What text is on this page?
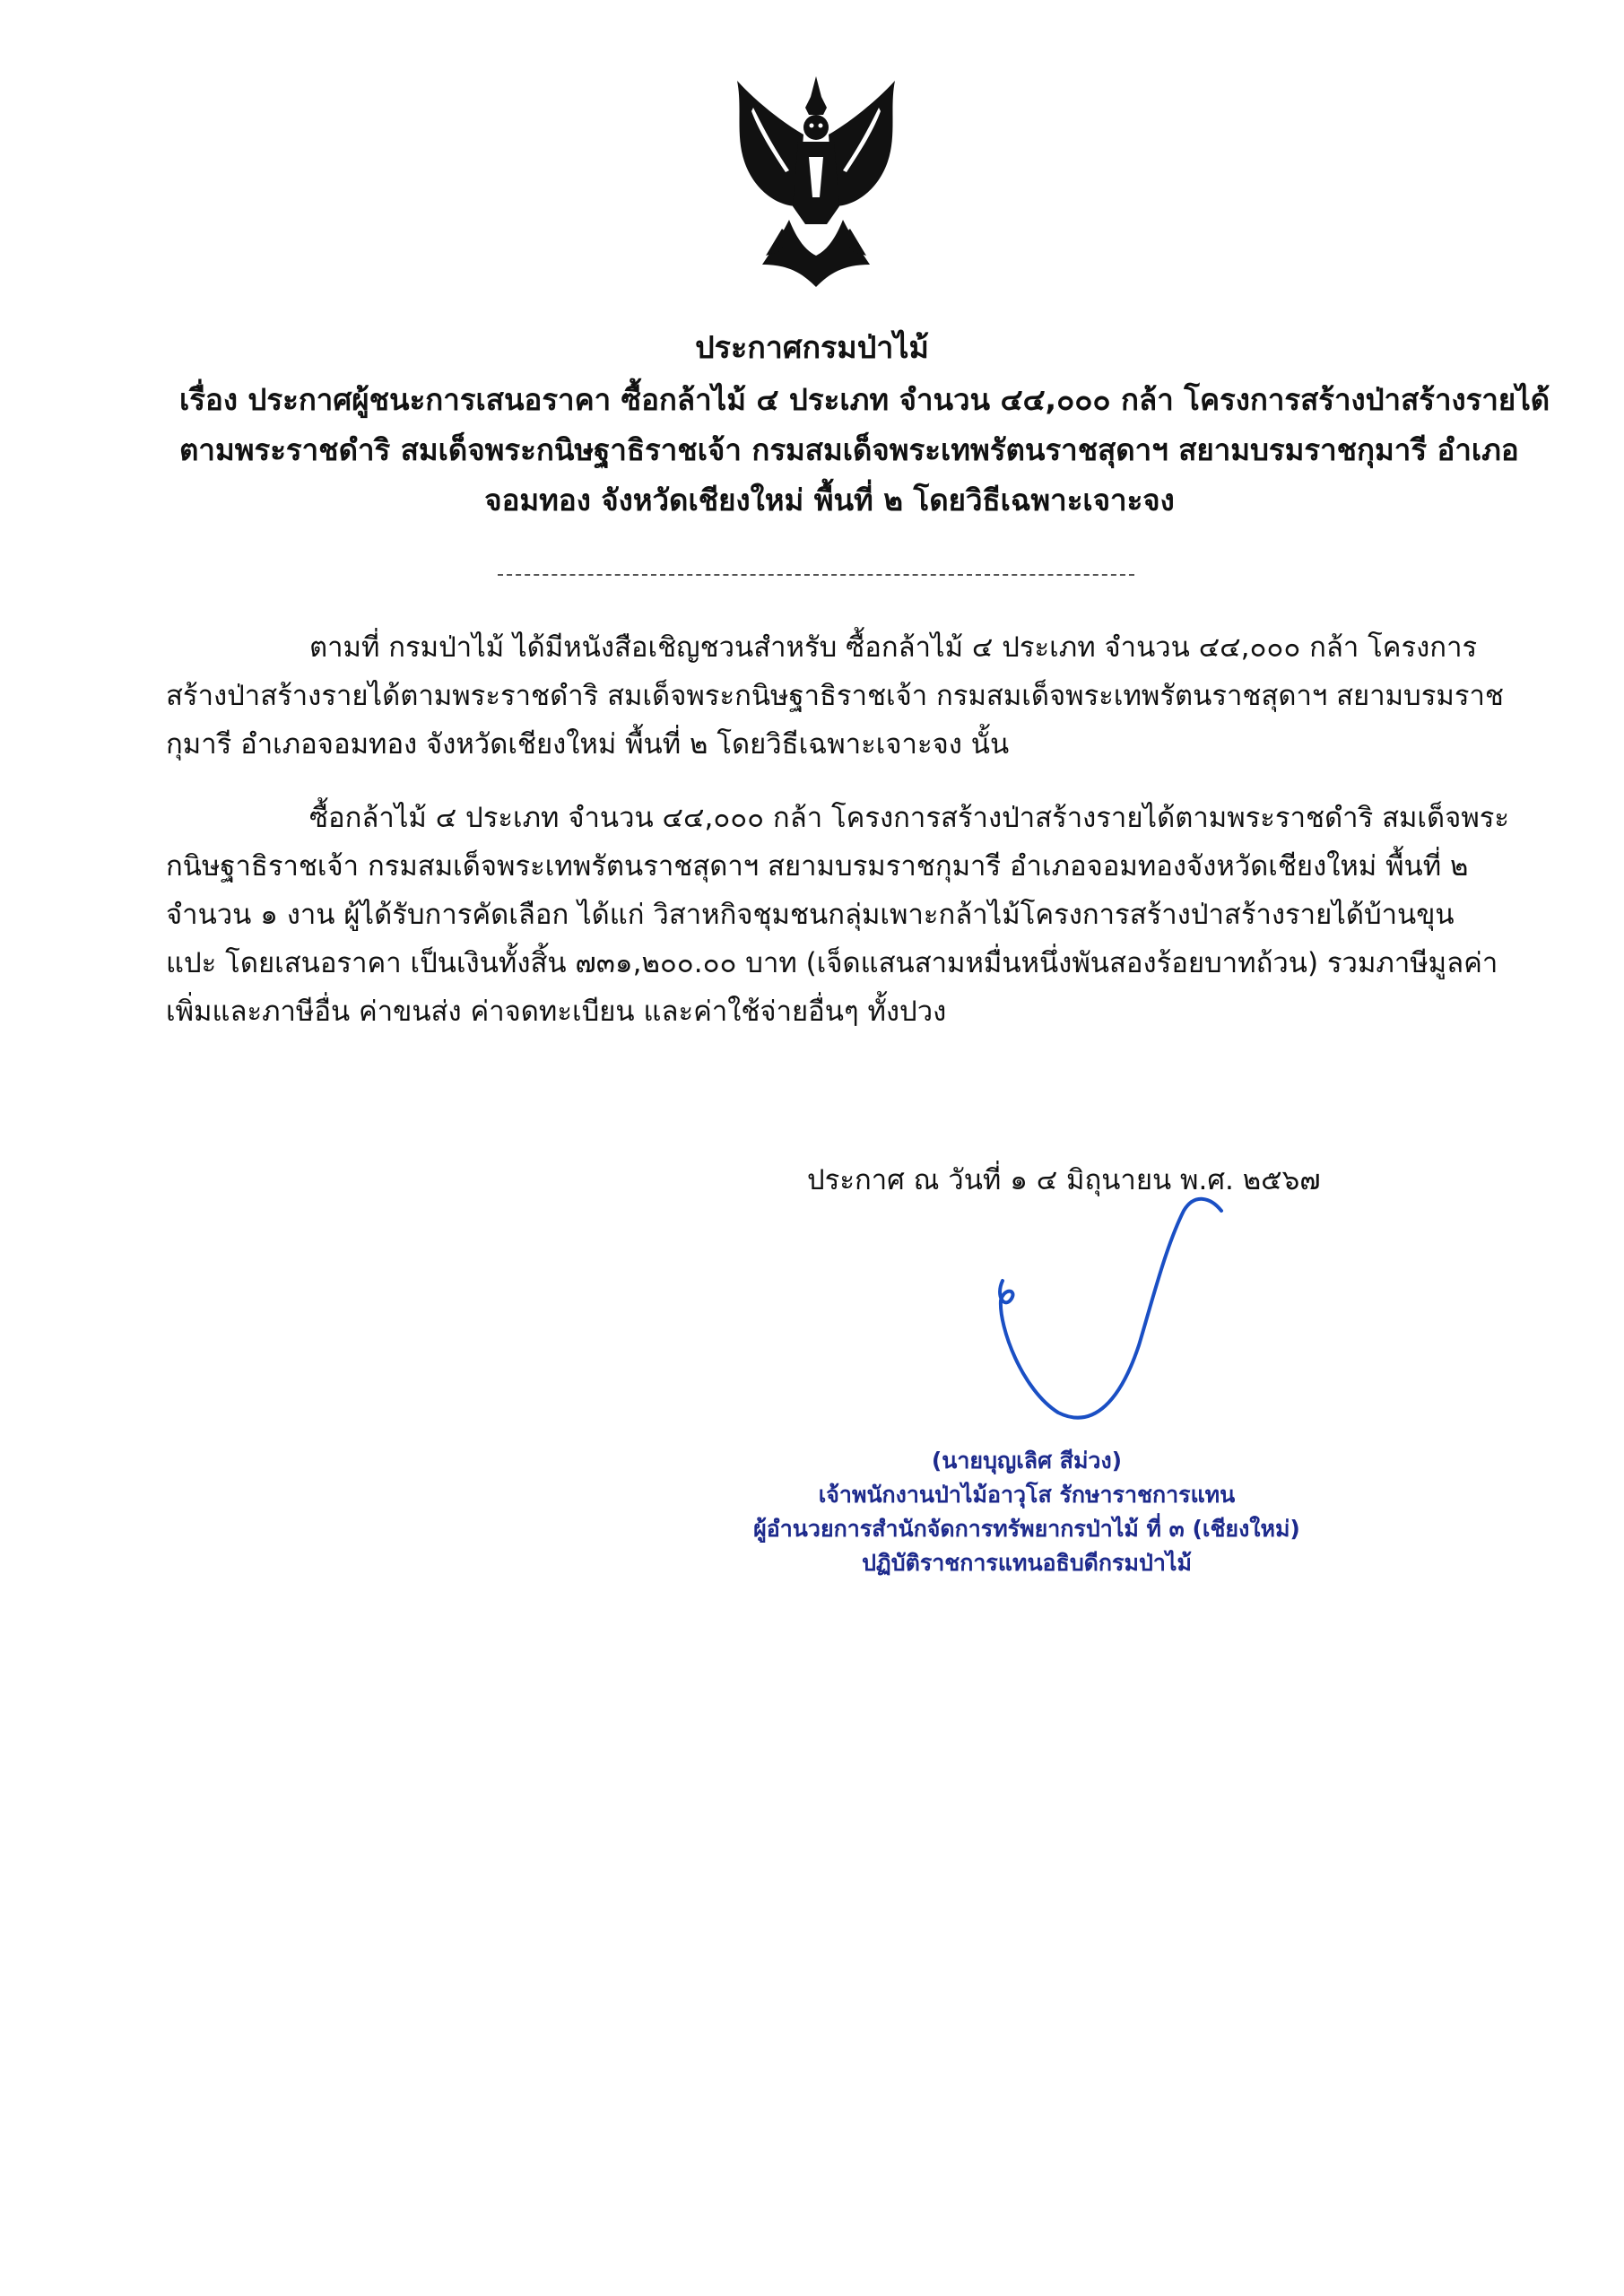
ประกาศกรมป่าไม้
เรื่อง ประกาศผู้ชนะการเสนอราคา ซื้อกล้าไม้ ๔ ประเภท จำนวน ๔๔,๐๐๐ กล้า โครงการสร้างป่าสร้างรายได้
ตามพระราชดำริ สมเด็จพระกนิษฐาธิราชเจ้า กรมสมเด็จพระเทพรัตนราชสุดาฯ สยามบรมราชกุมารี อำเภอ
จอมทอง จังหวัดเชียงใหม่ พื้นที่ ๒ โดยวิธีเฉพาะเจาะจง
ตามที่ กรมป่าไม้ ได้มีหนังสือเชิญชวนสำหรับ ซื้อกล้าไม้ ๔ ประเภท จำนวน ๔๔,๐๐๐ กล้า โครงการ
สร้างป่าสร้างรายได้ตามพระราชดำริ สมเด็จพระกนิษฐาธิราชเจ้า กรมสมเด็จพระเทพรัตนราชสุดาฯ สยามบรมราช
กุมารี อำเภอจอมทอง จังหวัดเชียงใหม่ พื้นที่ ๒ โดยวิธีเฉพาะเจาะจง นั้น
ซื้อกล้าไม้ ๔ ประเภท จำนวน ๔๔,๐๐๐ กล้า โครงการสร้างป่าสร้างรายได้ตามพระราชดำริ สมเด็จพระ
กนิษฐาธิราชเจ้า กรมสมเด็จพระเทพรัตนราชสุดาฯ สยามบรมราชกุมารี อำเภอจอมทองจังหวัดเชียงใหม่ พื้นที่ ๒
จำนวน ๑ งาน ผู้ได้รับการคัดเลือก ได้แก่ วิสาหกิจชุมชนกลุ่มเพาะกล้าไม้โครงการสร้างป่าสร้างรายได้บ้านขุน
แปะ โดยเสนอราคา เป็นเงินทั้งสิ้น ๗๓๑,๒๐๐.๐๐ บาท (เจ็ดแสนสามหมื่นหนึ่งพันสองร้อยบาทถ้วน) รวมภาษีมูลค่า
เพิ่มและภาษีอื่น ค่าขนส่ง ค่าจดทะเบียน และค่าใช้จ่ายอื่นๆ ทั้งปวง
ประกาศ ณ วันที่ ๑ ๔ มิถุนายน พ.ศ. ๒๕๖๗
(นายบุญเลิศ สีม่วง)
เจ้าพนักงานป่าไม้อาวุโส รักษาราชการแทน
ผู้อำนวยการสำนักจัดการทรัพยากรป่าไม้ ที่ ๓ (เชียงใหม่)
ปฏิบัติราชการแทนอธิบดีกรมป่าไม้
